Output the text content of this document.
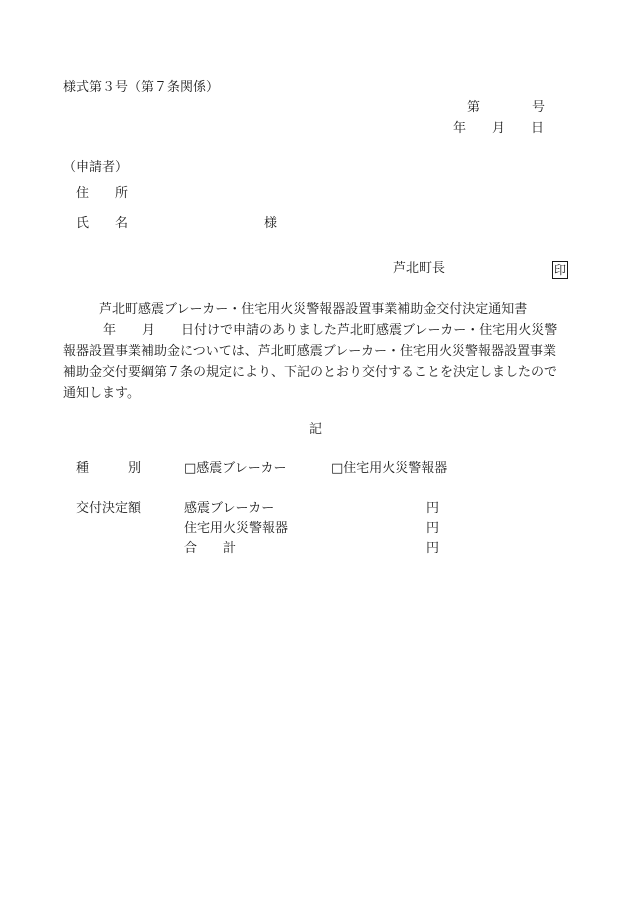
様式第３号（第７条関係）
第　　　　号
年　　月　　日
（申請者）
住　　所
氏　　名	様
芦北町長	印
芦北町感震ブレーカー・住宅用火災警報器設置事業補助金交付決定通知書
年　　月　　日付けで申請のありました芦北町感震ブレーカー・住宅用火災警
報器設置事業補助金については、芦北町感震ブレーカー・住宅用火災警報器設置事業
補助金交付要綱第７条の規定により、下記のとおり交付することを決定しましたので
通知します。
記
種　　　別	□感震ブレーカー	□住宅用火災警報器
交付決定額	感震ブレーカー	円
住宅用火災警報器	円
合　　計	円
